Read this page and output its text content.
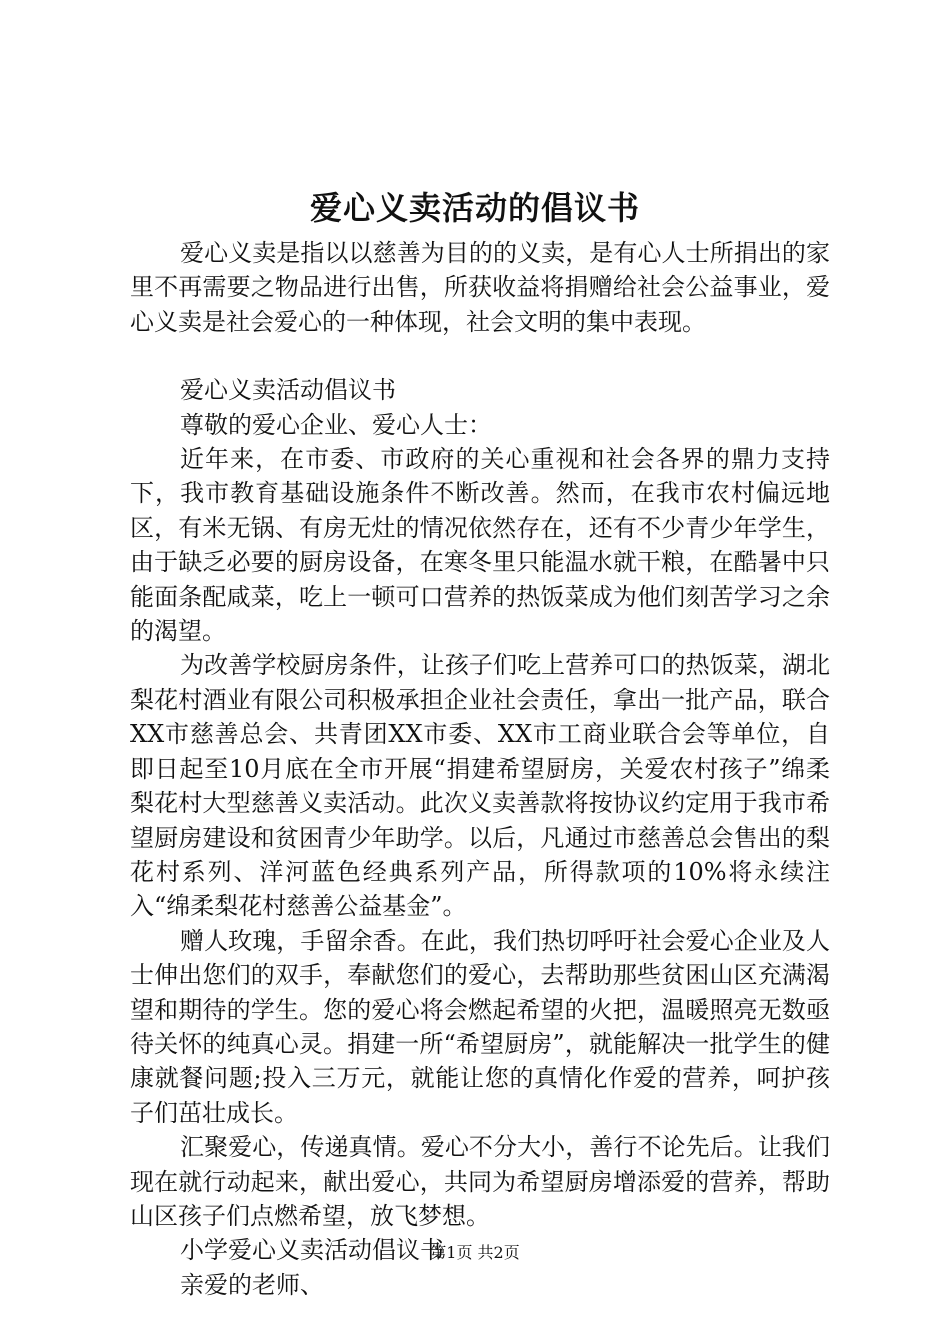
爱心义卖活动的倡议书

爱心义卖是指以以慈善为目的的义卖，是有心人士所捐出的家里不再需要之物品进行出售，所获收益将捐赠给社会公益事业，爱心义卖是社会爱心的一种体现，社会文明的集中表现。

爱心义卖活动倡议书

尊敬的爱心企业、爱心人士：

近年来，在市委、市政府的关心重视和社会各界的鼎力支持下，我市教育基础设施条件不断改善。然而，在我市农村偏远地区，有米无锅、有房无灶的情况依然存在，还有不少青少年学生，由于缺乏必要的厨房设备，在寒冬里只能温水就干粮，在酷暑中只能面条配咸菜，吃上一顿可口营养的热饭菜成为他们刻苦学习之余的渴望。

为改善学校厨房条件，让孩子们吃上营养可口的热饭菜，湖北梨花村酒业有限公司积极承担企业社会责任，拿出一批产品，联合XX市慈善总会、共青团XX市委、XX市工商业联合会等单位，自即日起至10月底在全市开展“捐建希望厨房，关爱农村孩子”绵柔梨花村大型慈善义卖活动。此次义卖善款将按协议约定用于我市希望厨房建设和贫困青少年助学。以后，凡通过市慈善总会售出的梨花村系列、洋河蓝色经典系列产品，所得款项的10%将永续注入“绵柔梨花村慈善公益基金”。

赠人玫瑰，手留余香。在此，我们热切呼吁社会爱心企业及人士伸出您们的双手，奉献您们的爱心，去帮助那些贫困山区充满渴望和期待的学生。您的爱心将会燃起希望的火把，温暖照亮无数亟待关怀的纯真心灵。捐建一所“希望厨房”，就能解决一批学生的健康就餐问题;投入三万元，就能让您的真情化作爱的营养，呵护孩子们茁壮成长。

汇聚爱心，传递真情。爱心不分大小，善行不论先后。让我们现在就行动起来，献出爱心，共同为希望厨房增添爱的营养，帮助山区孩子们点燃希望，放飞梦想。

小学爱心义卖活动倡议书

亲爱的老师、

第1页 共2页
